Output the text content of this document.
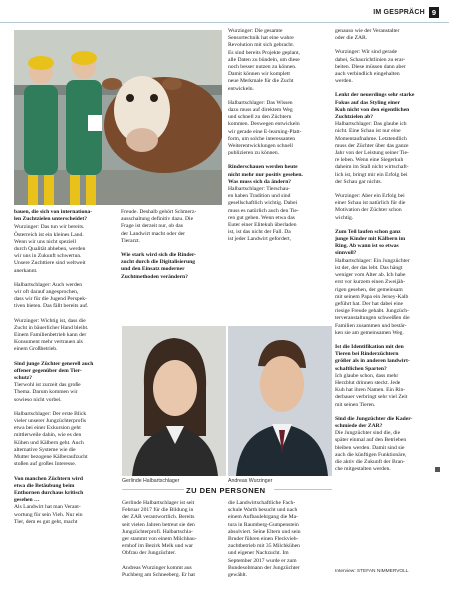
IM GESPRÄCH 9

bauen, die sich von internationa-
len Zuchtzielen unterscheidet?

Wurzinger: Das tun wir bereits.
Österreich ist ein kleines Land.
Wenn wir uns nicht speziell
durch Qualität abheben, werden
wir uns in Zukunft schwertun.
Unsere Zuchttiere sind weltweit
anerkannt.

Halbartschlager: Auch werden
wir oft darauf angesprochen,
dass wir für die Jugend Perspek-
tiven bieten. Das fällt bereits auf.

Wurzinger: Wichtig ist, dass die
Zucht in bäuerlicher Hand bleibt.
Einem Familienbetrieb kann der
Konsument mehr vertrauen als
einem Großbetrieb.

Sind junge Züchter generell auch
offener gegenüber dem Tier-
schutz?

Tierwohl ist zurzeit das große
Thema. Darum kommen wir
sowieso nicht vorbei.

Halbartschlager: Der erste Blick
vieler unserer Jungzüchterprofis
etwa bei einer Exkursion geht
mittlerweile dahin, wie es den
Kühen und Kälbern geht. Auch
alternative Systeme wie die
Mutter bezogene Kälberaufzucht
stoßen auf großes Interesse.

Von manchen Züchtern wird
etwa die Betäubung beim
Enthornen durchaus kritisch
gesehen …

Als Landwirt hat man Verant-
wortung für sein Vieh. Nur ein
Tier, dem es gut geht, macht

Freude. Deshalb gehört Schmerz-
ausschaltung definitiv dazu. Die
Frage ist derzeit nur, ob das
der Landwirt macht oder der
Tierarzt.

Wie stark wird sich die Rinder-
zucht durch die Digitalisierung
und den Einsatz moderner
Zuchtmethoden verändern?

Wurzinger: Die gesamte
Sensortechnik hat eine wahre
Revolution mit sich gebracht.
Es sind bereits Projekte geplant,
alle Daten zu bündeln, um diese
noch besser nutzen zu können.
Damit können wir komplett
neue Merkmale für die Zucht
entwickeln.

Halbartschlager: Das Wissen
dazu muss auf direktem Weg
und schnell zu den Züchtern
kommen. Deswegen entwickeln
wir gerade eine E-learning-Platt-
form, um solche interessanten
Weiterentwicklungen schnell
publizieren zu können.

Rinderschauen werden heute
nicht mehr nur positiv gesehen.
Was muss sich da ändern?

Halbartschlager: Tierschau-
en haben Tradition und sind
gesellschaftlich wichtig. Dabei
muss es natürlich auch den Tie-
ren gut gehen. Wenn etwa das
Euter einer Elitekuh überladen
ist, ist das nicht der Fall. Da
ist jeder Landwirt gefordert,

genauso wie der Veranstalter
oder die ZAR.

Wurzinger: Wir sind gerade
dabei, Schaurichtlinien zu erar-
beiten. Diese müssen dann aber
auch verbindlich eingehalten
werden.

Lenkt der neuerdings sehr starke
Fokus auf das Styling einer
Kuh nicht von den eigentlichen
Zuchtzielen ab?

Halbartschlager: Das glaube ich
nicht. Eine Schau ist nur eine
Momentaufnahme. Letztendlich
muss der Züchter über das ganze
Jahr von der Leistung seiner Tie-
re leben. Wenn eine Siegerkuh
daheim im Stall nicht wirtschaft-
lich ist, bringt mir ein Erfolg bei
der Schau gar nichts.

Wurzinger: Aber ein Erfolg bei
einer Schau ist natürlich für die
Motivation der Züchter schon
wichtig.

Zum Teil laufen schon ganz
junge Kinder mit Kälbern im
Ring. Ab wann ist so etwas
sinnvoll?

Halbartschlager: Ein Jungzüchter
ist der, der das lebt. Das hängt
weniger vom Alter ab. Ich habe
erst vor kurzem einen Zweijäh-
rigen gesehen, der gemeinsam
mit seinem Papa ein Jersey-Kalb
geführt hat. Der hat dabei eine
riesige Freude gehabt. Jungzüch-
terveranstaltungen schweißen die
Familien zusammen und bestär-
ken sie am gemeinsamen Weg.

Ist die Identifikation mit den
Tieren bei Rinderzüchtern
größer als in anderen landwirt-
schaftlichen Sparten?

Ich glaube schon, dass mehr
Herzblut drinnen steckt. Jede
Kuh hat ihren Namen. Ein Rin-
derbauer verbringt sehr viel Zeit
mit seinen Tieren.

Sind die Jungzüchter die Kader-
schmiede der ZAR?

Die Jungzüchter sind die, die
später einmal auf den Betrieben
bleiben werden. Damit sind sie
auch die künftigen Funktionäre,
die aktiv die Zukunft der Bran-
che mitgestalten werden.

Gerlinde Halbartschlager	Andreas Wurzinger
ZU DEN PERSONEN

Gerlinde Halbartschlager ist seit
Februar 2017 für die Bildung in
der ZAR verantwortlich. Bereits
seit vielen Jahren betreut sie den
Jungzüchterprofi. Halbartschla-
ger stammt von einem Milchbau-
ernhof im Bezirk Melk und war
Obfrau der Jungzüchter.

Andreas Wurzinger kommt aus
Puchberg am Schneeberg. Er hat

die Landwirtschaftliche Fach-
schule Warth besucht und nach
einem Aufbaulehrgang die Ma-
tura in Raumberg-Gumpenstein
absolviert. Seine Eltern und sein
Bruder führen einen Fleckvieh-
zuchtbetrieb mit 35 Milchkühen
und eigener Nachzucht. Im
September 2017 wurde er zum
Bundesobmann der Jungzüchter
gewählt.

Interview: STEFAN NIMMERVOLL
